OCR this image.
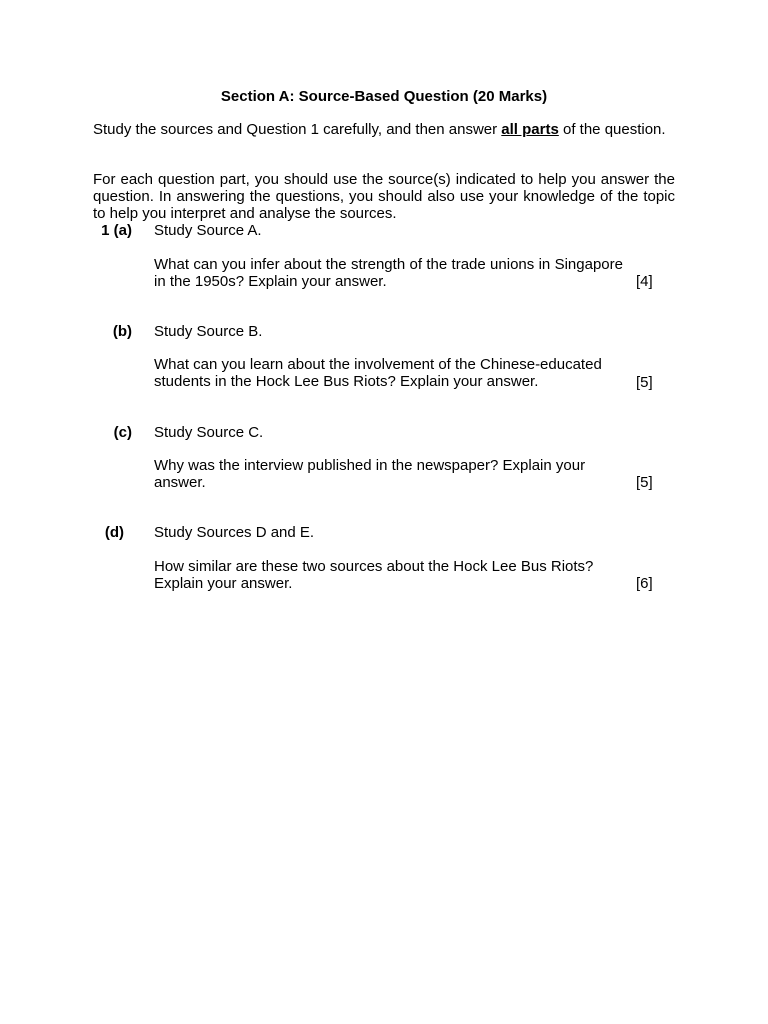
Section A: Source-Based Question (20 Marks)
Study the sources and Question 1 carefully, and then answer all parts of the question.
For each question part, you should use the source(s) indicated to help you answer the question. In answering the questions, you should also use your knowledge of the topic to help you interpret and analyse the sources.
1 (a) Study Source A.
What can you infer about the strength of the trade unions in Singapore in the 1950s? Explain your answer.	[4]
(b) Study Source B.
What can you learn about the involvement of the Chinese-educated students in the Hock Lee Bus Riots? Explain your answer.	[5]
(c) Study Source C.
Why was the interview published in the newspaper? Explain your answer.	[5]
(d) Study Sources D and E.
How similar are these two sources about the Hock Lee Bus Riots? Explain your answer.	[6]
